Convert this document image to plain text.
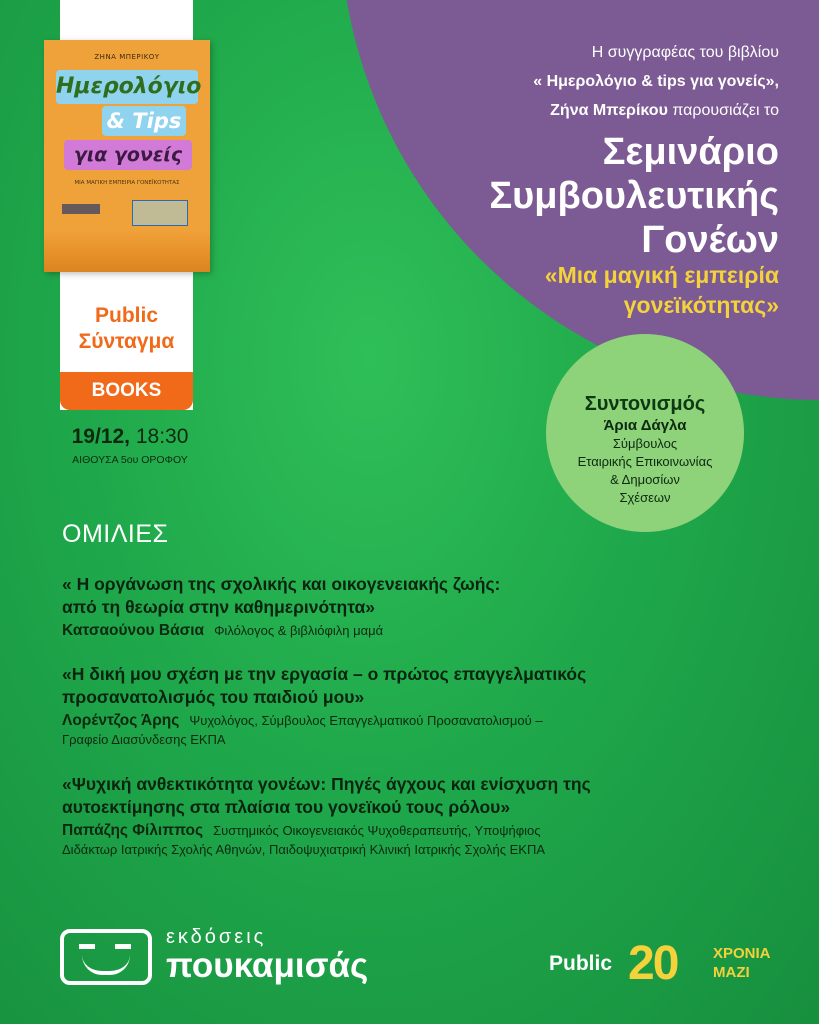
Η συγγραφέας του βιβλίου
« Ημερολόγιο & tips για γονείς»,
Ζήνα Μπερίκου παρουσιάζει το
Σεμινάριο
Συμβουλευτικής
Γονέων
«Μια μαγική εμπειρία
γονεϊκότητας»
ΖΗΝΑ ΜΠΕΡΙΚΟΥ
Ημερολόγιο
& Tips
για γονείς
ΜΙΑ ΜΑΓΙΚΗ ΕΜΠΕΙΡΙΑ ΓΟΝΕΪΚΟΤΗΤΑΣ
Public
Σύνταγμα
BOOKS
19/12, 18:30
ΑΙΘΟΥΣΑ 5ου ΟΡΟΦΟΥ
Συντονισμός
Άρια Δάγλα
Σύμβουλος
Εταιρικής Επικοινωνίας
& Δημοσίων
Σχέσεων
ΟΜΙΛΙΕΣ
« Η οργάνωση της σχολικής και οικογενειακής ζωής:
από τη θεωρία στην καθημερινότητα»
Κατσαούνου Βάσια Φιλόλογος & βιβλιόφιλη μαμά
«Η δική μου σχέση με την εργασία – ο πρώτος επαγγελματικός
προσανατολισμός του παιδιού μου»
Λορέντζος Άρης Ψυχολόγος, Σύμβουλος Επαγγελματικού Προσανατολισμού –
Γραφείο Διασύνδεσης ΕΚΠΑ
«Ψυχική ανθεκτικότητα γονέων: Πηγές άγχους και ενίσχυση της
αυτοεκτίμησης στα πλαίσια του γονεϊκού τους ρόλου»
Παπάζης Φίλιππος Συστημικός Οικογενειακός Ψυχοθεραπευτής, Υποψήφιος
Διδάκτωρ Ιατρικής Σχολής Αθηνών, Παιδοψυχιατρική Κλινική Ιατρικής Σχολής ΕΚΠΑ
εκδόσεις
πουκαμισάς	Public 20 ΧΡΟΝΙΑ
ΜΑΖΙ
